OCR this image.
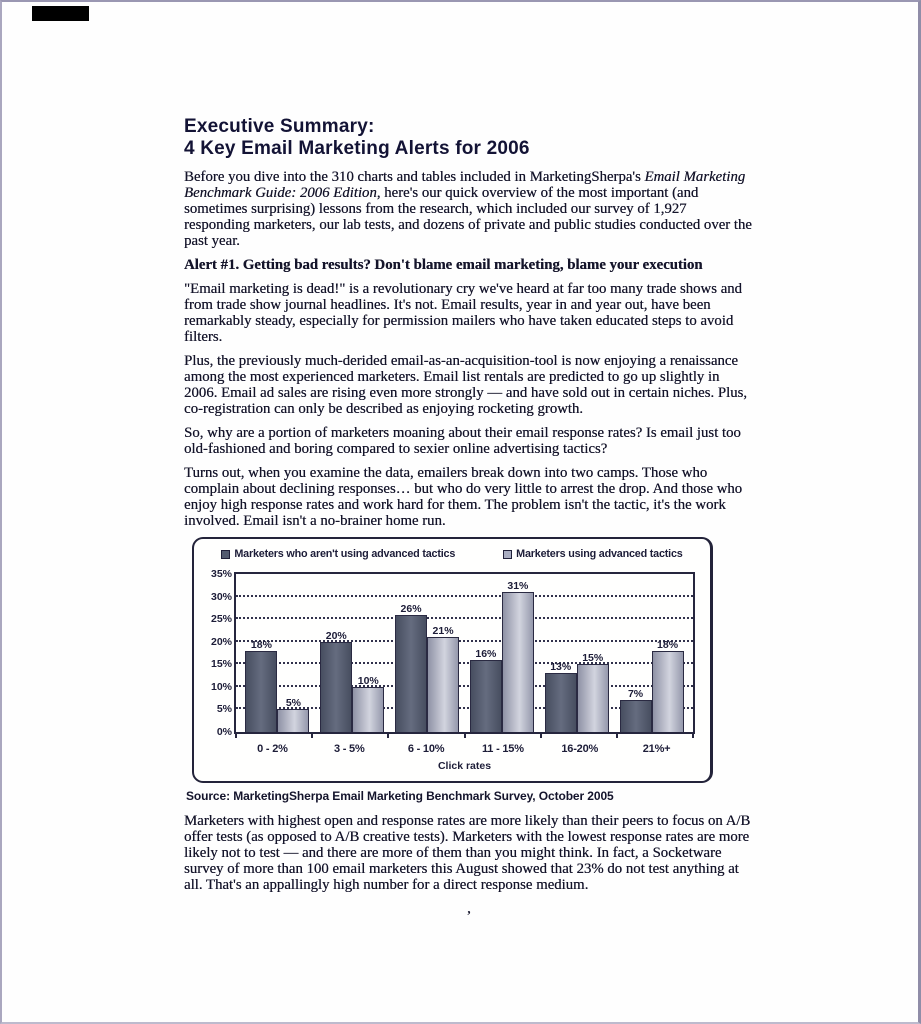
Executive Summary:
4 Key Email Marketing Alerts for 2006

Before you dive into the 310 charts and tables included in MarketingSherpa's Email Marketing Benchmark Guide: 2006 Edition, here's our quick overview of the most important (and sometimes surprising) lessons from the research, which included our survey of 1,927 responding marketers, our lab tests, and dozens of private and public studies conducted over the past year.

Alert #1. Getting bad results? Don't blame email marketing, blame your execution

"Email marketing is dead!" is a revolutionary cry we've heard at far too many trade shows and from trade show journal headlines. It's not. Email results, year in and year out, have been remarkably steady, especially for permission mailers who have taken educated steps to avoid filters.

Plus, the previously much-derided email-as-an-acquisition-tool is now enjoying a renaissance among the most experienced marketers. Email list rentals are predicted to go up slightly in 2006. Email ad sales are rising even more strongly — and have sold out in certain niches. Plus, co-registration can only be described as enjoying rocketing growth.

So, why are a portion of marketers moaning about their email response rates? Is email just too old-fashioned and boring compared to sexier online advertising tactics?

Turns out, when you examine the data, emailers break down into two camps. Those who complain about declining responses… but who do very little to arrest the drop. And those who enjoy high response rates and work hard for them. The problem isn't the tactic, it's the work involved. Email isn't a no-brainer home run.

Marketers who aren't using advanced tactics	Marketers using advanced tactics
0%
5%
10%
15%
20%
25%
30%
35%
18%
5%
20%
10%
26%
21%
16%
31%
13%
15%
7%
18%
0 - 2%	3 - 5%	6 - 10%	11 - 15%	16-20%	21%+
Click rates
Source: MarketingSherpa Email Marketing Benchmark Survey, October 2005

Marketers with highest open and response rates are more likely than their peers to focus on A/B offer tests (as opposed to A/B creative tests). Marketers with the lowest response rates are more likely not to test — and there are more of them than you might think. In fact, a Socketware survey of more than 100 email marketers this August showed that 23% do not test anything at all. That's an appallingly high number for a direct response medium.

,
